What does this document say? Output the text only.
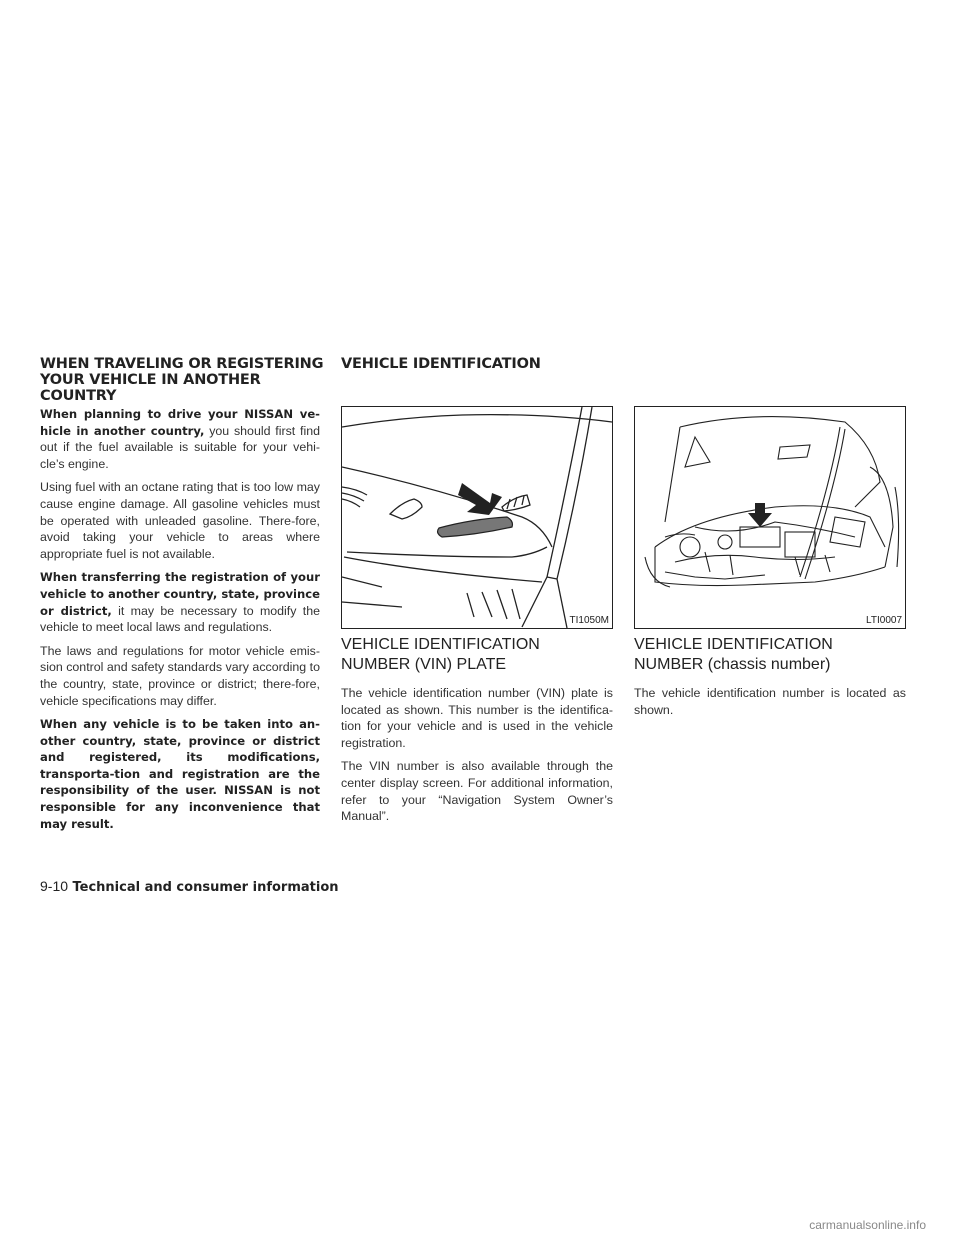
WHEN TRAVELING OR REGISTERING YOUR VEHICLE IN ANOTHER COUNTRY

When planning to drive your NISSAN ve-hicle in another country, you should first find out if the fuel available is suitable for your vehi-cle’s engine.

Using fuel with an octane rating that is too low may cause engine damage. All gasoline vehicles must be operated with unleaded gasoline. There-fore, avoid taking your vehicle to areas where appropriate fuel is not available.

When transferring the registration of your vehicle to another country, state, province or district, it may be necessary to modify the vehicle to meet local laws and regulations.

The laws and regulations for motor vehicle emis-sion control and safety standards vary according to the country, state, province or district; there-fore, vehicle specifications may differ.

When any vehicle is to be taken into an-other country, state, province or district and registered, its modifications, transporta-tion and registration are the responsibility of the user. NISSAN is not responsible for any inconvenience that may result.

VEHICLE IDENTIFICATION
TI1050M	LTI0007
VEHICLE IDENTIFICATION NUMBER (VIN) PLATE

The vehicle identification number (VIN) plate is located as shown. This number is the identifica-tion for your vehicle and is used in the vehicle registration.

The VIN number is also available through the center display screen. For additional information, refer to your “Navigation System Owner’s Manual”.

VEHICLE IDENTIFICATION NUMBER (chassis number)

The vehicle identification number is located as shown.

9-10 Technical and consumer information
carmanualsonline.info
